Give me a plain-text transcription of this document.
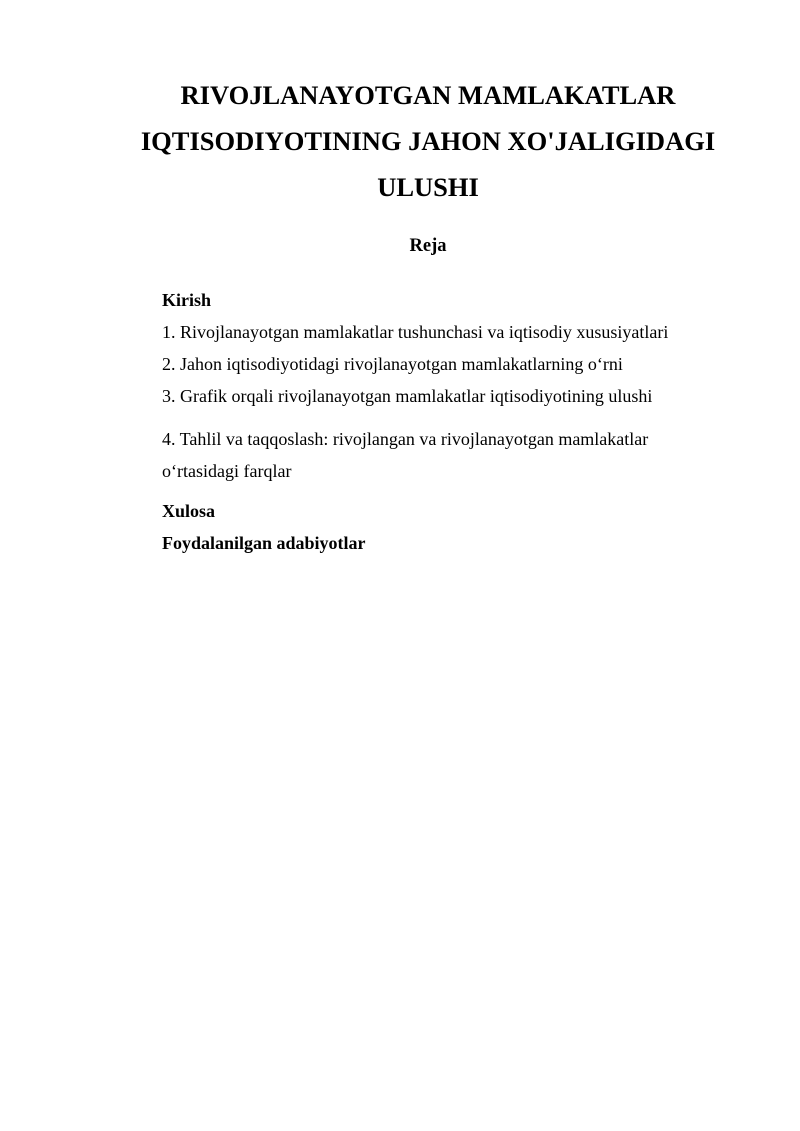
RIVOJLANAYOTGAN MAMLAKATLAR
IQTISODIYOTINING JAHON XO'JALIGIDAGI
ULUSHI
Reja
Kirish
1. Rivojlanayotgan mamlakatlar tushunchasi va iqtisodiy xususiyatlari
2. Jahon iqtisodiyotidagi rivojlanayotgan mamlakatlarning o‘rni
3. Grafik orqali rivojlanayotgan mamlakatlar iqtisodiyotining ulushi
4. Tahlil va taqqoslash: rivojlangan va rivojlanayotgan mamlakatlar
o‘rtasidagi farqlar
Xulosa
Foydalanilgan adabiyotlar
